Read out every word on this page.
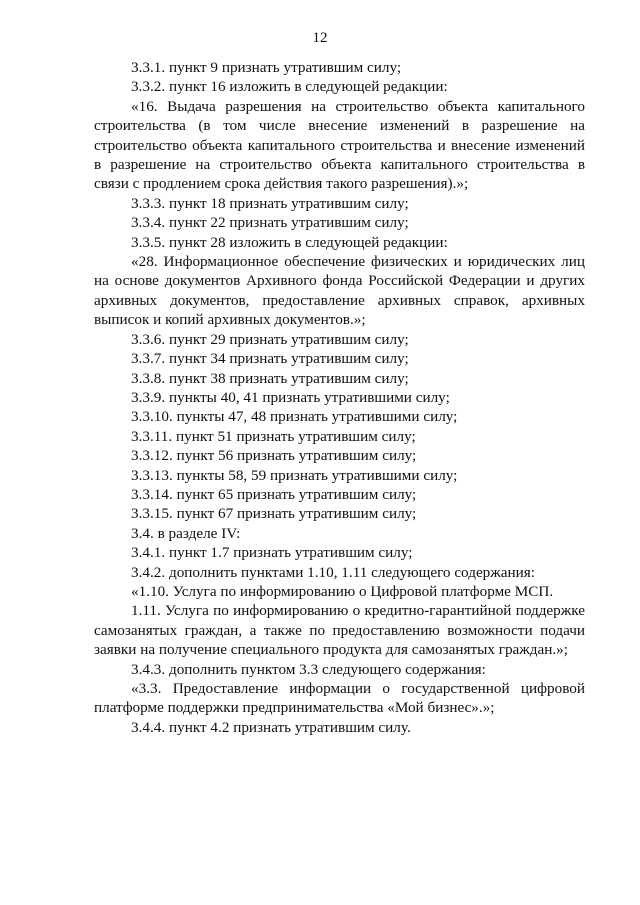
12

3.3.1. пункт 9 признать утратившим силу;

3.3.2. пункт 16 изложить в следующей редакции:

«16. Выдача разрешения на строительство объекта капитального строительства (в том числе внесение изменений в разрешение на строительство объекта капитального строительства и внесение изменений в разрешение на строительство объекта капитального строительства в связи с продлением срока действия такого разрешения).»;

3.3.3. пункт 18 признать утратившим силу;

3.3.4. пункт 22 признать утратившим силу;

3.3.5. пункт 28 изложить в следующей редакции:

«28. Информационное обеспечение физических и юридических лиц на основе документов Архивного фонда Российской Федерации и других архивных документов, предоставление архивных справок, архивных выписок и копий архивных документов.»;

3.3.6. пункт 29 признать утратившим силу;

3.3.7. пункт 34 признать утратившим силу;

3.3.8. пункт 38 признать утратившим силу;

3.3.9. пункты 40, 41 признать утратившими силу;

3.3.10. пункты 47, 48 признать утратившими силу;

3.3.11. пункт 51 признать утратившим силу;

3.3.12. пункт 56 признать утратившим силу;

3.3.13. пункты 58, 59 признать утратившими силу;

3.3.14. пункт 65 признать утратившим силу;

3.3.15. пункт 67 признать утратившим силу;

3.4. в разделе IV:

3.4.1. пункт 1.7 признать утратившим силу;

3.4.2. дополнить пунктами 1.10, 1.11 следующего содержания:

«1.10. Услуга по информированию о Цифровой платформе МСП.

1.11. Услуга по информированию о кредитно-гарантийной поддержке самозанятых граждан, а также по предоставлению возможности подачи заявки на получение специального продукта для самозанятых граждан.»;

3.4.3. дополнить пунктом 3.3 следующего содержания:

«3.3. Предоставление информации о государственной цифровой платформе поддержки предпринимательства «Мой бизнес».»;

3.4.4. пункт 4.2 признать утратившим силу.
